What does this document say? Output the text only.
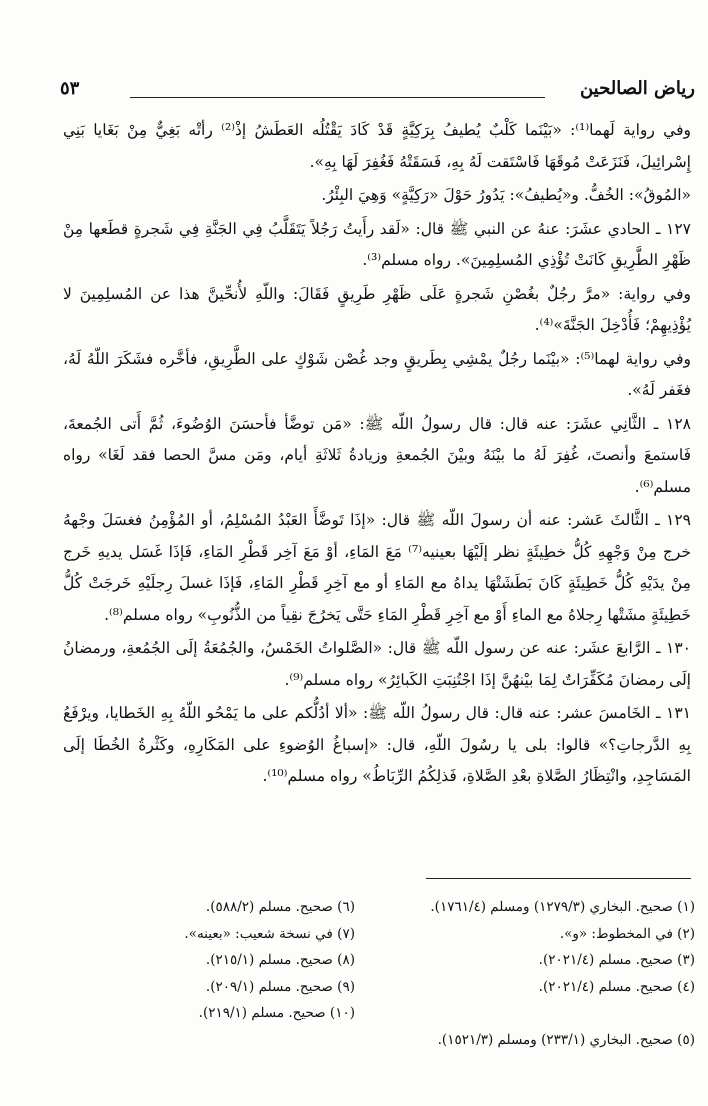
رياض الصالحين
٥٣

وفي رواية لَهما⁽¹⁾: «بَيْنَما كَلْبٌ يُطيفُ بِرَكِيَّةٍ قَدْ كَادَ يَقْتُلُه العَطَشُ إذْ⁽²⁾ رأتْه بَغِيٌّ مِنْ بَغَايا بَنِي إِسْرائِيلَ، فَنَزَعَتْ مُوقَهَا فَاسْتَقت لَهُ بِهِ، فَسَقَتْهُ فَغُفِرَ لَهَا بِهِ».

«المُوقُ»: الخُفُّ. و«يُطيفُ»: يَدُورُ حَوْلَ «رَكِيَّةٍ» وَهِيَ البِئْرُ.

١٢٧ ـ الحادي عشَرَ: عنهُ عن النبي ﷺ قال: «لَقد رأَيتُ رَجُلاً يَتَقَلَّبُ فِي الجَنَّةِ فِي شَجرةٍ قطَعها مِنْ ظَهْرِ الطَّرِيقِ كَانَتْ تُؤْذِي المُسلِمِينَ». رواه مسلم⁽³⁾.

وفي رواية: «مرَّ رجُلٌ بغُصْنِ شَجرةٍ عَلَى ظَهْرِ طَرِيقٍ فَقَالَ: واللّهِ لأُنحِّينَّ هذا عن المُسلِمِينَ لا يُؤْذِيهِمْ؛ فَأُدْخِلَ الجَنَّةَ»⁽⁴⁾.

وفي رواية لهما⁽⁵⁾: «بيْنَما رجُلٌ يمْشِي بِطَريقٍ وجد غُصْن شَوْكٍ على الطَّرِيقِ، فأخَّره فشَكَرَ اللّهُ لَهُ، فغَفر لَهُ».

١٢٨ ـ الثَّانِي عشَرَ: عنه قال: قال رسولُ اللّه ﷺ: «مَن توضَّأ فأحسَنَ الوُضُوءَ، ثُمَّ أَتى الجُمعةَ، فَاستمعَ وأنصتَ، غُفِرَ لَهُ ما بيْنَهُ وبيْنَ الجُمعةِ وزيادةُ ثَلاثَةِ أيام، ومَن مسَّ الحصا فقد لَغَا» رواه مسلم⁽⁶⁾.

١٢٩ ـ الثَّالثَ عَشر: عنه أن رسولَ اللّه ﷺ قال: «إذَا تَوضَّأَ العَبْدُ المُسْلِمُ، أو المُؤْمِنُ فغسَلَ وجْههُ خرج مِنْ وَجْهِهِ كُلُّ خطِيئَةٍ نظر إلَيْهَا بعينيه⁽⁷⁾ مَعَ المَاءِ، أوْ مَعَ آخِر قَطْرِ المَاءِ، فَإذَا غَسَل يديهِ خَرج مِنْ يدَيْهِ كُلُّ خَطِيئَةٍ كَانَ بَطَشَتْهَا يداهُ مع المَاءِ أو مع آخِرِ قَطْرِ المَاءِ، فَإذَا غسلَ رِجلَيْهِ خَرجَتْ كُلُّ خَطِيئَةٍ مشَتْها رِجلاهُ مع الماءِ أَوْ مع آخِرِ قَطْرِ المَاءِ حَتَّى يَخرُجَ نقِياً من الذُّنُوبِ» رواه مسلم⁽⁸⁾.

١٣٠ ـ الرَّابعَ عشَر: عنه عن رسول اللّه ﷺ قال: «الصَّلواتُ الخَمْسُ، والجُمُعَةُ إلَى الجُمُعةِ، ورمضانُ إلَى رمضانَ مُكَفِّرَاتٌ لِمَا بيْنهُنَّ إذَا اجْتُنِبَتِ الكَبائِرُ» رواه مسلم⁽⁹⁾.

١٣١ ـ الخَامسَ عشر: عنه قال: قال رسولُ اللّه ﷺ: «ألا أدُلُّكم على ما يَمْحُو اللّهُ بِهِ الخَطايا، ويرْفَعُ بِهِ الدَّرجاتِ؟» قالوا: بلى يا رسُولَ اللّهِ، قال: «إسباغُ الوُضوءِ على المَكَارِهِ، وكَثْرةُ الخُطَا إلَى المَسَاجِدِ، وانْتِظَارُ الصَّلاةِ بعْدِ الصَّلاةِ، فَذلِكُمُ الرِّبَاطُ» رواه مسلم⁽¹⁰⁾.

(١) صحيح. البخاري (١٢٧٩/٣) ومسلم (١٧٦١/٤).
(٢) في المخطوط: «و».
(٣) صحيح. مسلم (٢٠٢١/٤).
(٤) صحيح. مسلم (٢٠٢١/٤).
(٦) صحيح. مسلم (٥٨٨/٢).
(٧) في نسخة شعيب: «بعينه».
(٨) صحيح. مسلم (٢١٥/١).
(٩) صحيح. مسلم (٢٠٩/١).
(١٠) صحيح. مسلم (٢١٩/١).
(٥) صحيح. البخاري (٢٣٣/١) ومسلم (١٥٢١/٣).
